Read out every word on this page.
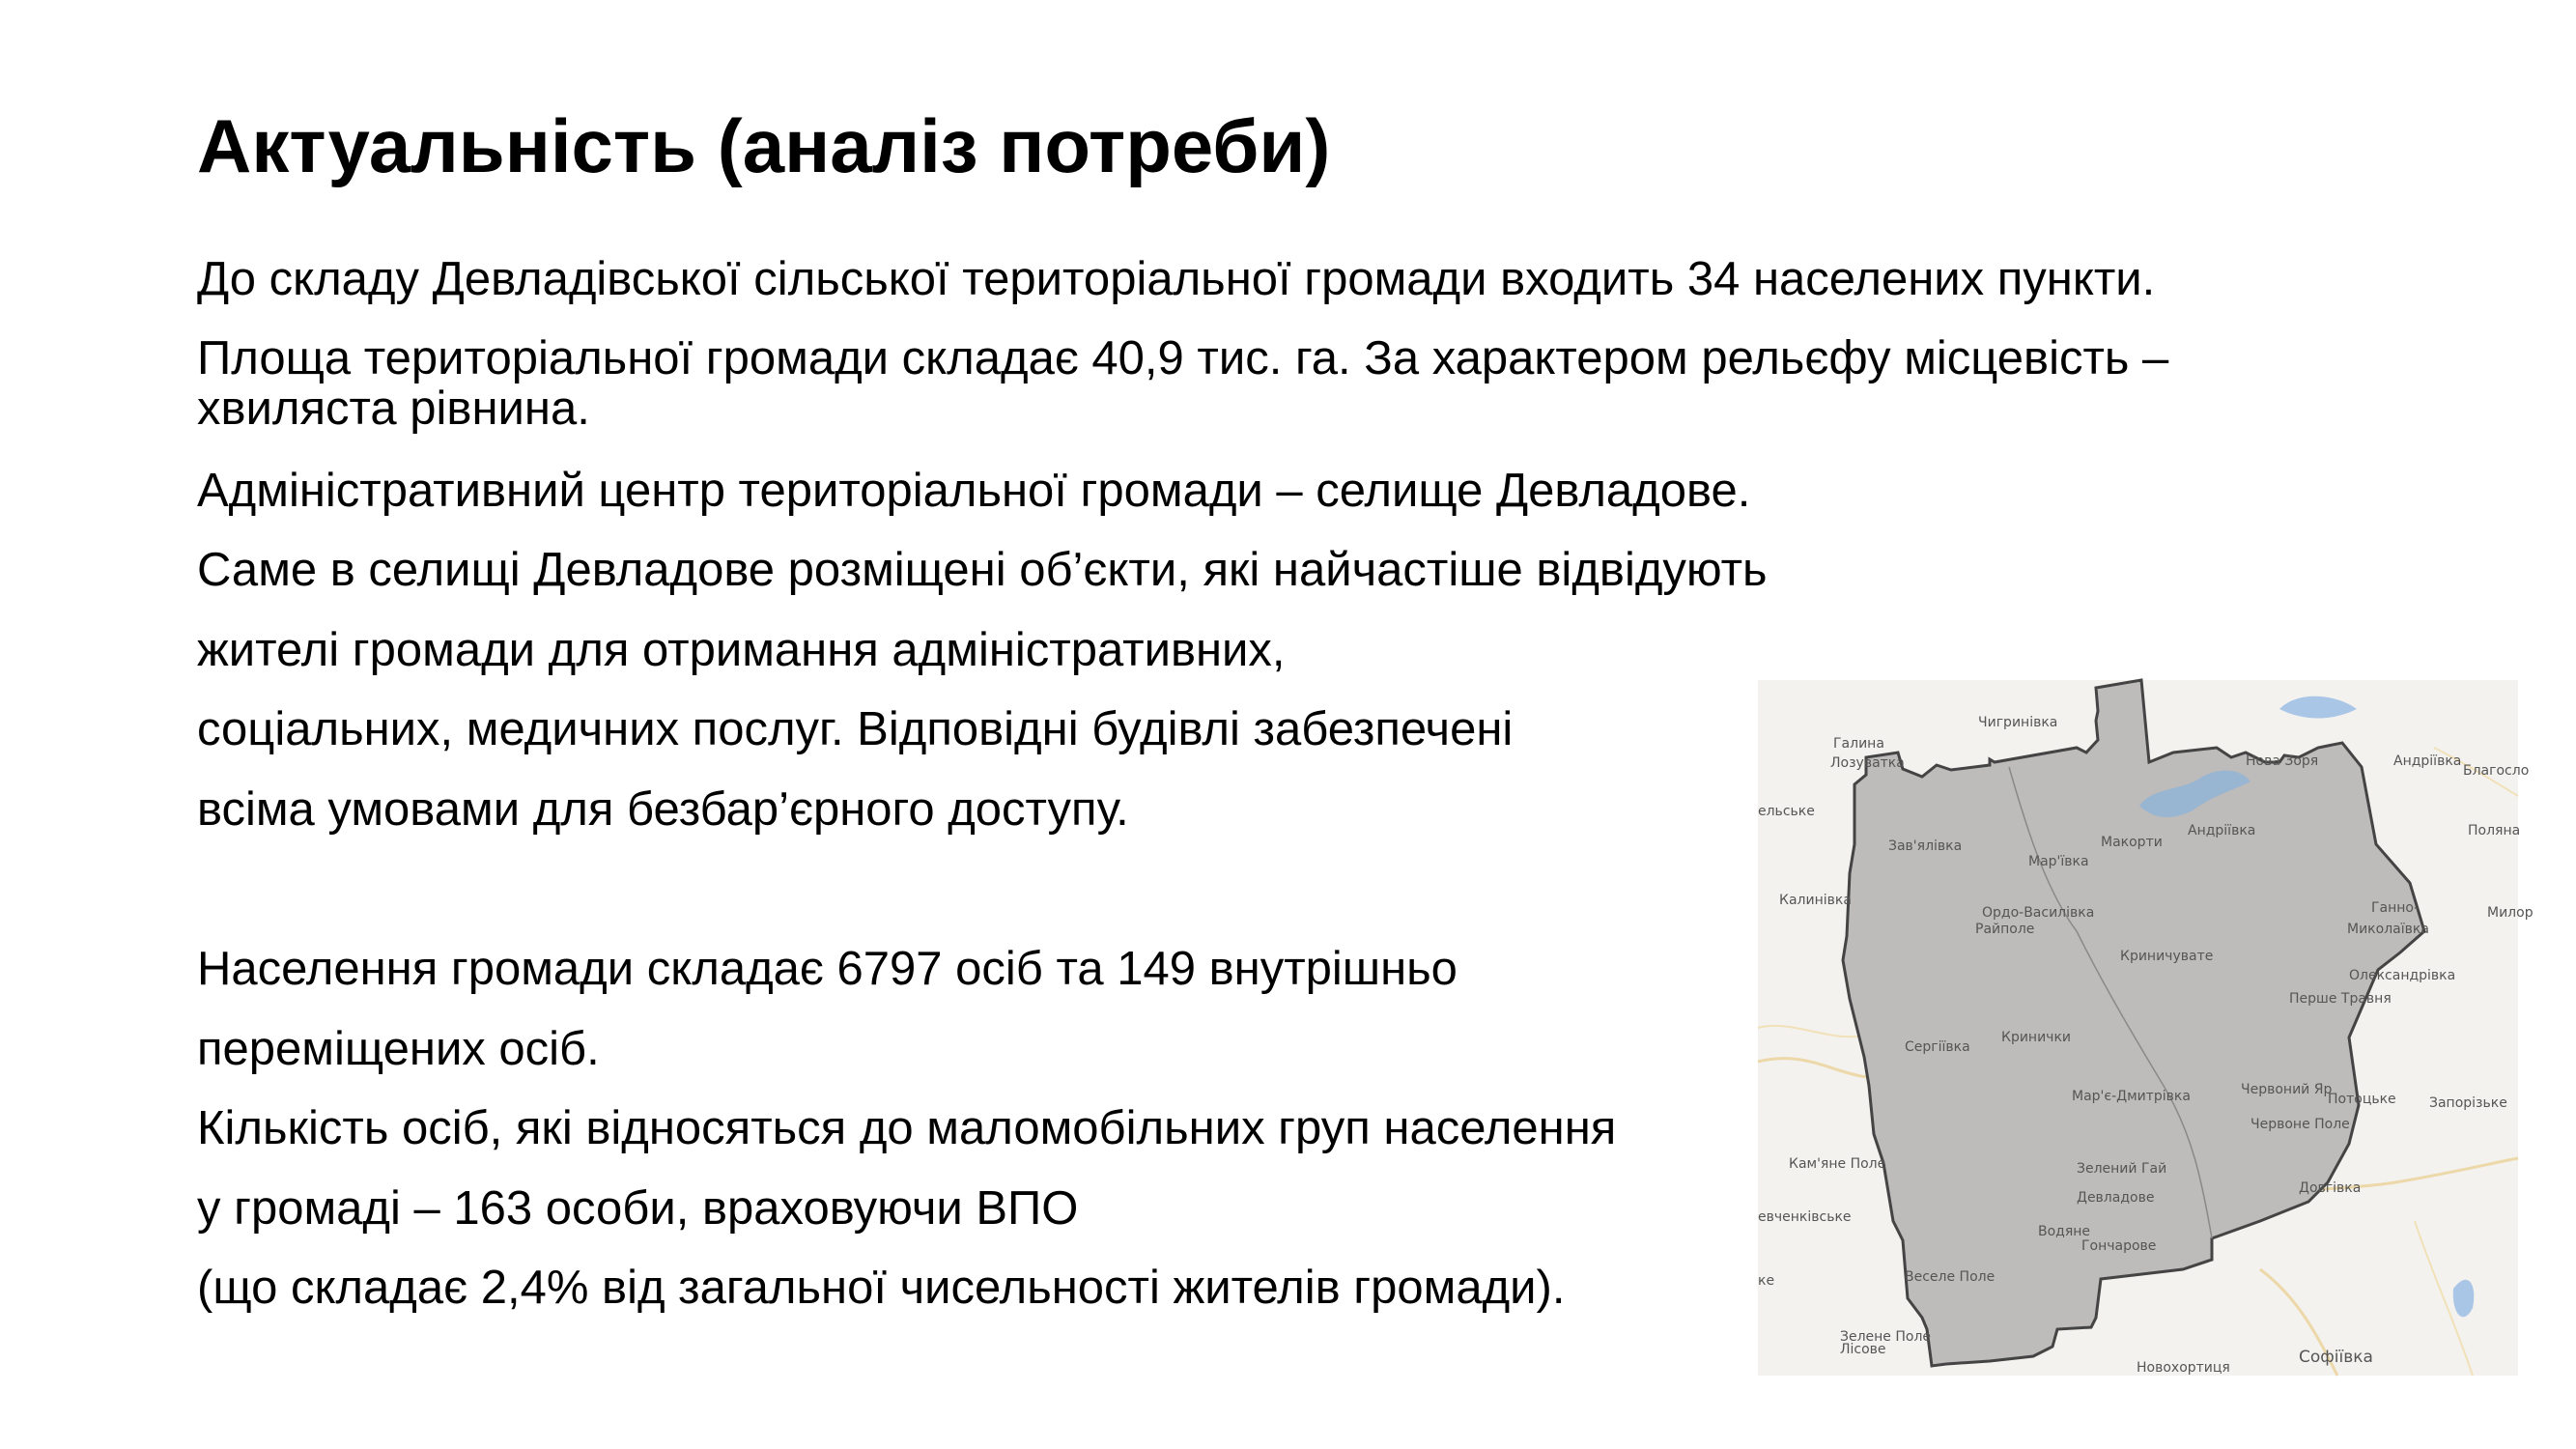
Актуальність (аналіз потреби)
До складу Девладівської сільської територіальної громади входить 34 населених пункти.
Площа територіальної громади складає 40,9 тис. га. За характером рельєфу місцевість –
хвиляста рівнина.
Адміністративний центр територіальної громади – селище Девладове.
Саме в селищі Девладове розміщені об’єкти, які найчастіше відвідують
жителі громади для отримання адміністративних,
соціальних, медичних послуг. Відповідні будівлі забезпечені
всіма умовами для безбар’єрного доступу.
Населення громади складає 6797 осіб та 149 внутрішньо
переміщених осіб.
Кількість осіб, які відносяться до маломобільних груп населення
у громаді – 163 особи, враховуючи ВПО
(що складає 2,4% від загальної чисельності жителів громади).
Чигринівка
Галина
Лозуватка
ельське
Зав'ялівка
Мар'ївка
Макорти
Андріївка
Нова Зоря	Андріївка
Благосло
Поляна
Калинівка
Ордо-Василівка
Райполе
Ганно-
Миколаївка
Милор
Криничувате
Олександрівка
Перше Травня
Сергіївка
Кринички
Мар'є-Дмитрівка	Червоний Яр
Потоцьке Запорізьке
Червоне Поле
Кам'яне Поле	Зелений Гай
Девладове
Довгівка
евченківське
Водяне
Гончарове
ке	Веселе Поле
Зелене Поле
Лісове
Новохортиця
Софіївка
